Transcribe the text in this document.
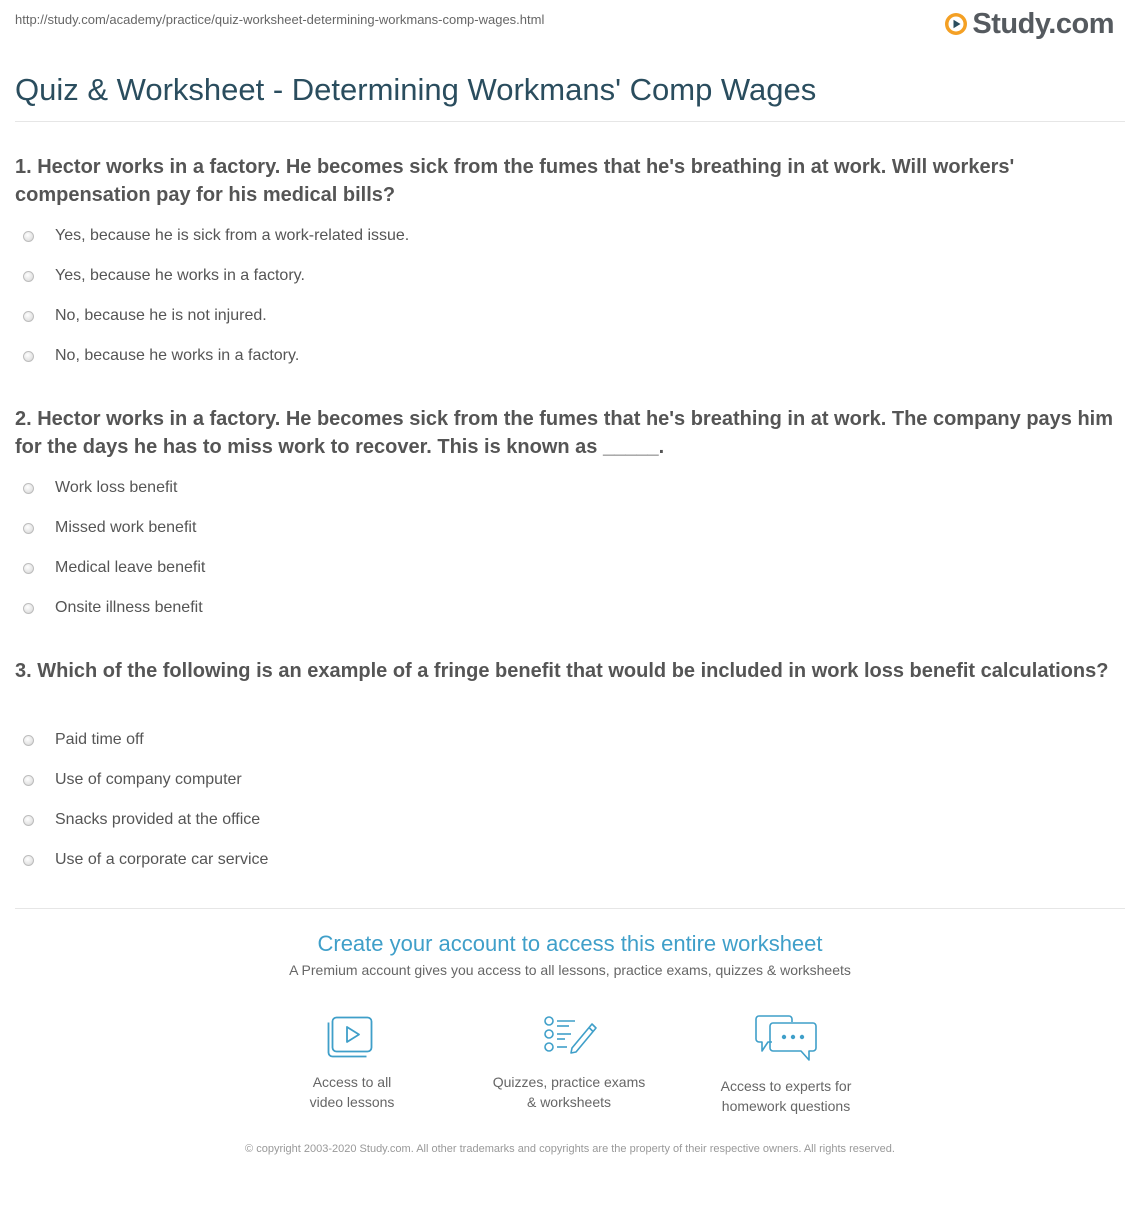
http://study.com/academy/practice/quiz-worksheet-determining-workmans-comp-wages.html	Study.com
Quiz & Worksheet - Determining Workmans' Comp Wages

1. Hector works in a factory. He becomes sick from the fumes that he's breathing in at work. Will workers' compensation pay for his medical bills?

Yes, because he is sick from a work-related issue.
Yes, because he works in a factory.
No, because he is not injured.
No, because he works in a factory.

2. Hector works in a factory. He becomes sick from the fumes that he's breathing in at work. The company pays him for the days he has to miss work to recover. This is known as _____.

Work loss benefit
Missed work benefit
Medical leave benefit
Onsite illness benefit

3. Which of the following is an example of a fringe benefit that would be included in work loss benefit calculations?

Paid time off
Use of company computer
Snacks provided at the office
Use of a corporate car service
Create your account to access this entire worksheet
A Premium account gives you access to all lessons, practice exams, quizzes & worksheets
Access to all
video lessons
Quizzes, practice exams
& worksheets
Access to experts for
homework questions
© copyright 2003-2020 Study.com. All other trademarks and copyrights are the property of their respective owners. All rights reserved.
